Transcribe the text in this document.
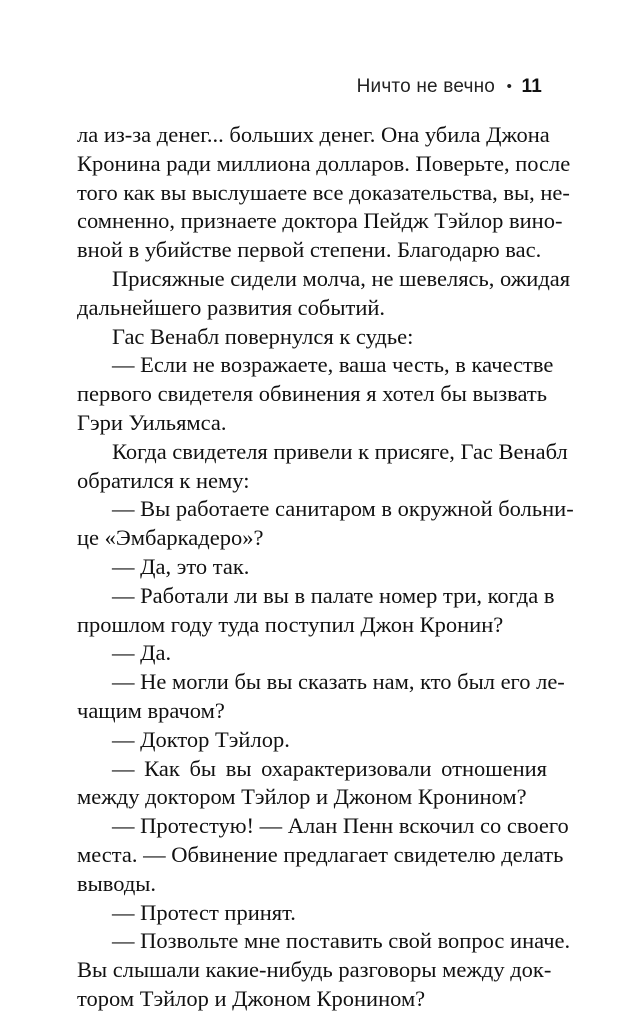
Ничто не вечно • 11
ла из-за денег... больших денег. Она убила Джона
Кронина ради миллиона долларов. Поверьте, после
того как вы выслушаете все доказательства, вы, не-
сомненно, признаете доктора Пейдж Тэйлор вино-
вной в убийстве первой степени. Благодарю вас.
Присяжные сидели молча, не шевелясь, ожидая
дальнейшего развития событий.
Гас Венабл повернулся к судье:
— Если не возражаете, ваша честь, в качестве
первого свидетеля обвинения я хотел бы вызвать
Гэри Уильямса.
Когда свидетеля привели к присяге, Гас Венабл
обратился к нему:
— Вы работаете санитаром в окружной больни-
це «Эмбаркадеро»?
— Да, это так.
— Работали ли вы в палате номер три, когда в
прошлом году туда поступил Джон Кронин?
— Да.
— Не могли бы вы сказать нам, кто был его ле-
чащим врачом?
— Доктор Тэйлор.
— Как бы вы охарактеризовали отношения
между доктором Тэйлор и Джоном Кронином?
— Протестую! — Алан Пенн вскочил со своего
места. — Обвинение предлагает свидетелю делать
выводы.
— Протест принят.
— Позвольте мне поставить свой вопрос иначе.
Вы слышали какие-нибудь разговоры между док-
тором Тэйлор и Джоном Кронином?
